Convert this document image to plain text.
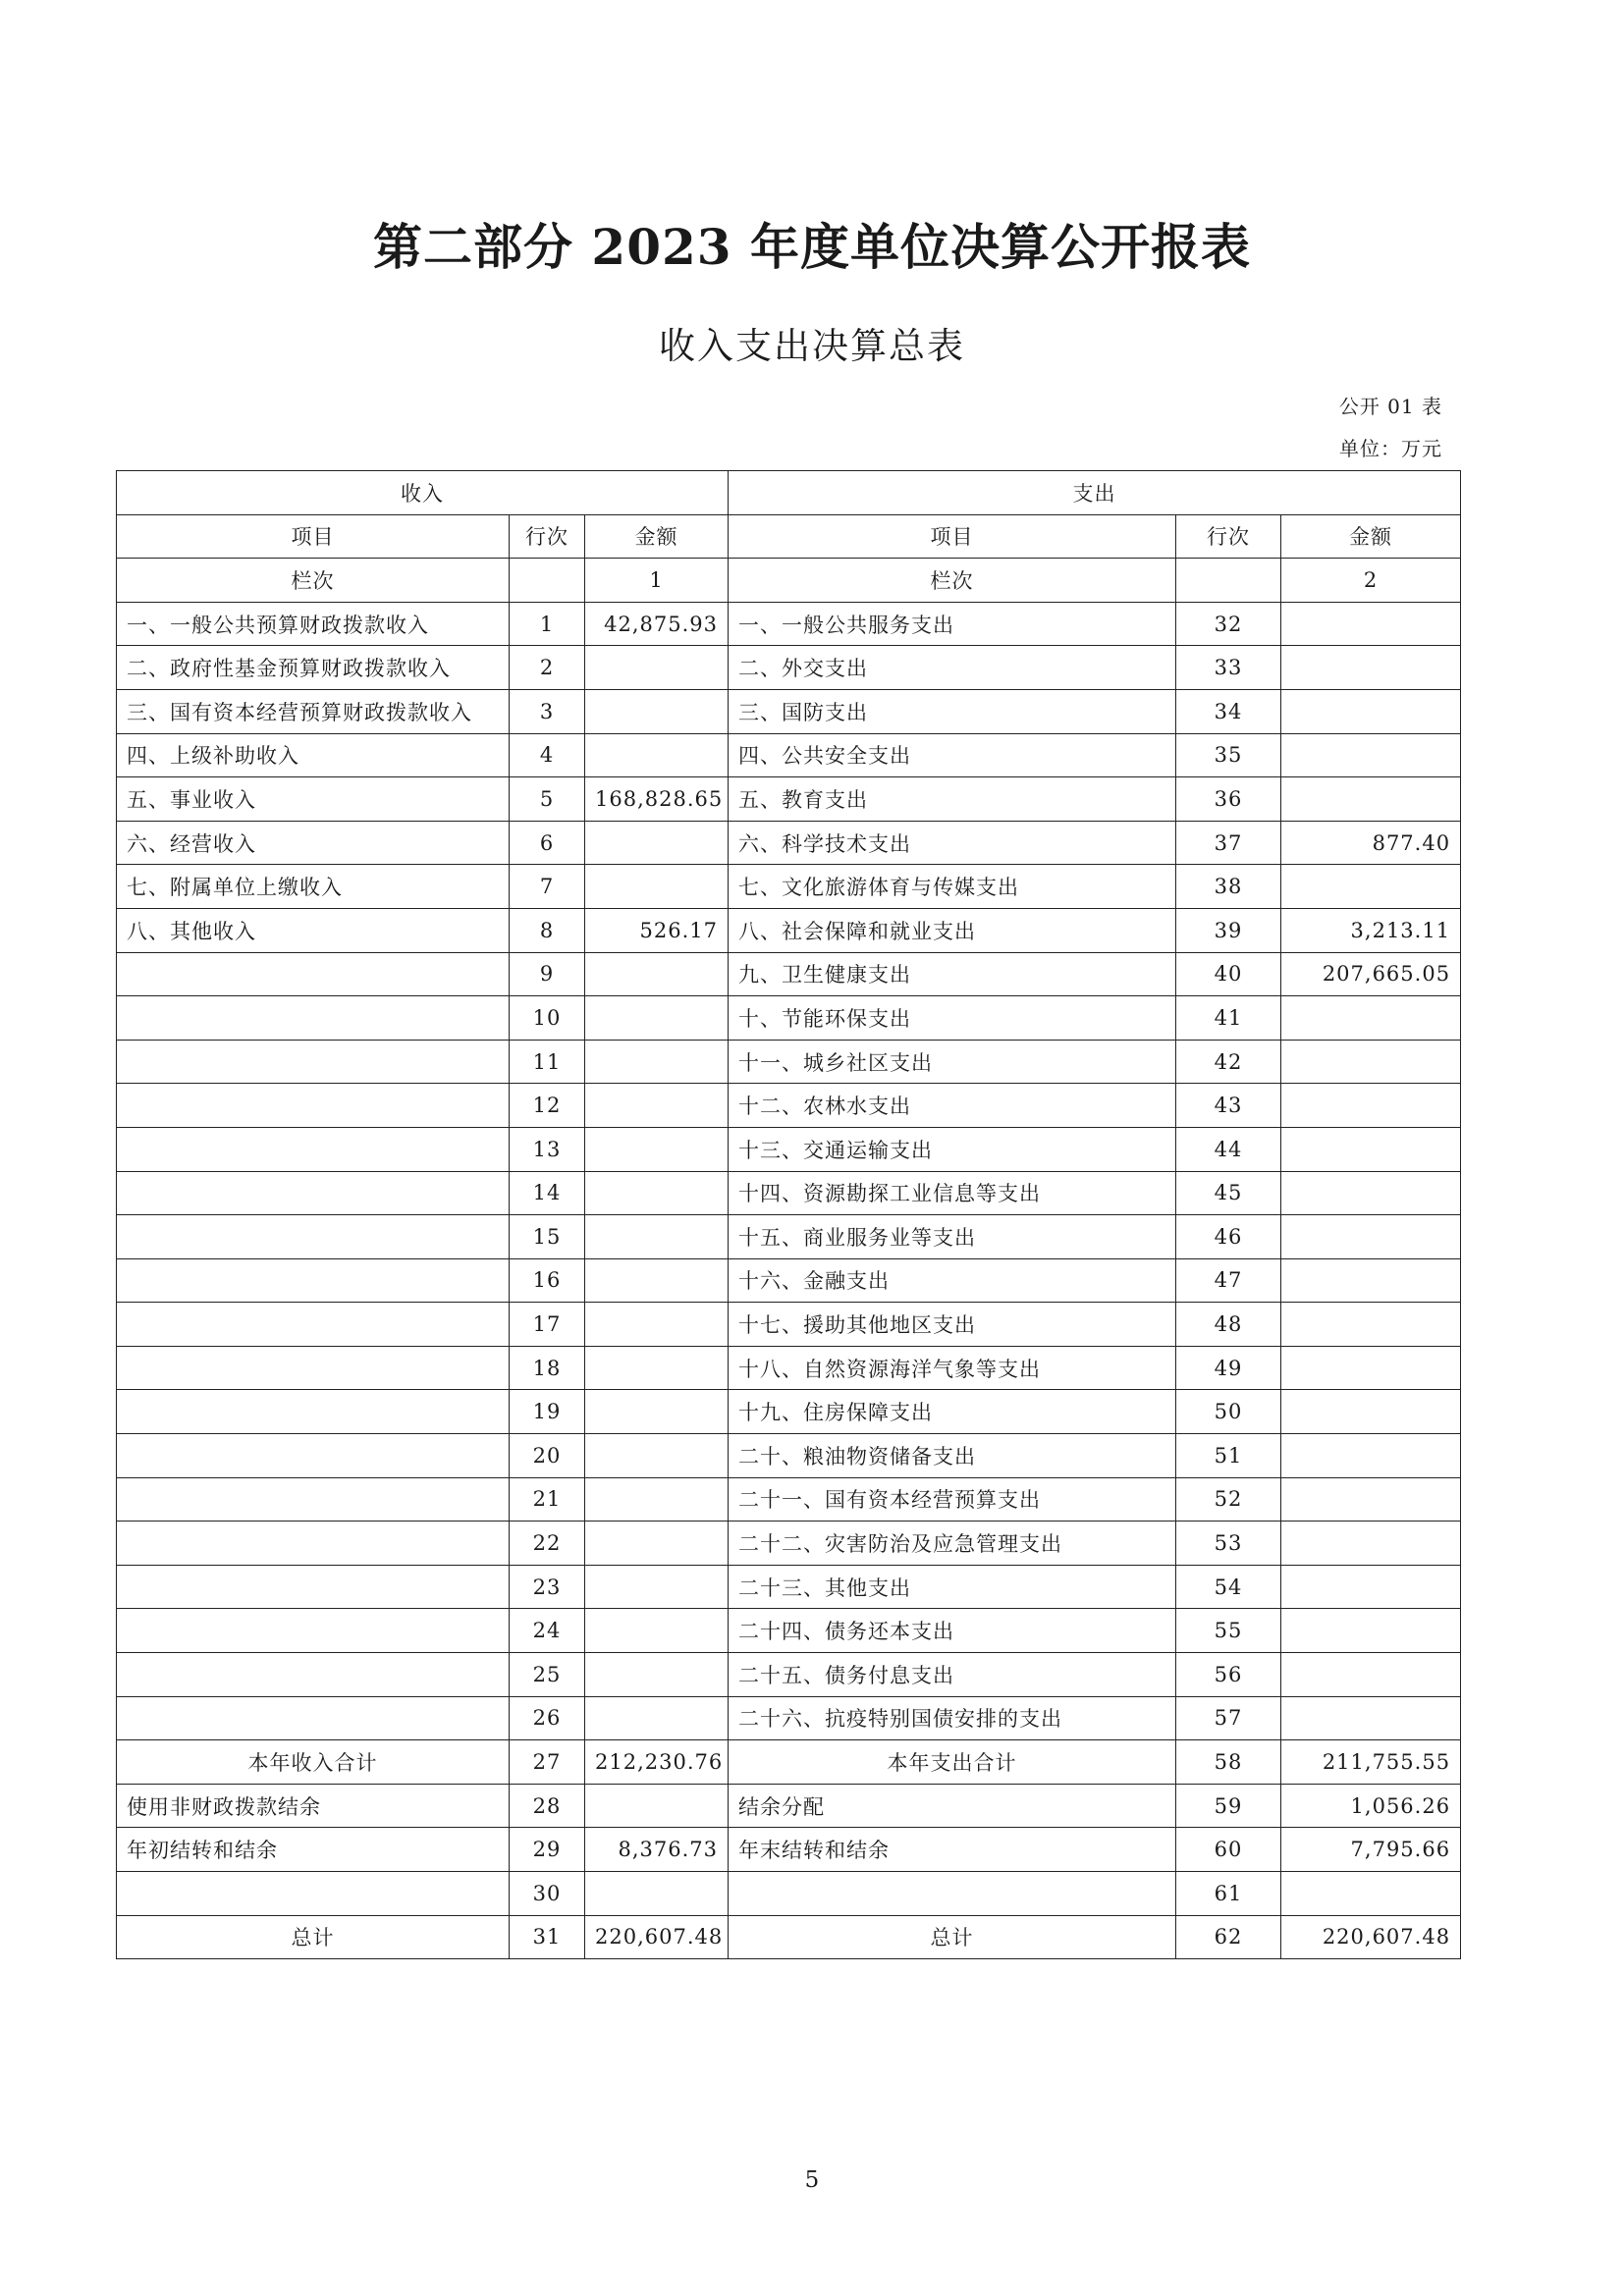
第二部分 2023 年度单位决算公开报表
收入支出决算总表
公开 01 表
单位：万元
收入			支出		
项目	行次	金额	项目	行次	金额
栏次		1	栏次		2
一、一般公共预算财政拨款收入	1	42,875.93	一、一般公共服务支出	32	
二、政府性基金预算财政拨款收入	2		二、外交支出	33	
三、国有资本经营预算财政拨款收入	3		三、国防支出	34	
四、上级补助收入	4		四、公共安全支出	35	
五、事业收入	5	168,828.65	五、教育支出	36	
六、经营收入	6		六、科学技术支出	37	877.40
七、附属单位上缴收入	7		七、文化旅游体育与传媒支出	38	
八、其他收入	8	526.17	八、社会保障和就业支出	39	3,213.11
	9		九、卫生健康支出	40	207,665.05
	10		十、节能环保支出	41	
	11		十一、城乡社区支出	42	
	12		十二、农林水支出	43	
	13		十三、交通运输支出	44	
	14		十四、资源勘探工业信息等支出	45	
	15		十五、商业服务业等支出	46	
	16		十六、金融支出	47	
	17		十七、援助其他地区支出	48	
	18		十八、自然资源海洋气象等支出	49	
	19		十九、住房保障支出	50	
	20		二十、粮油物资储备支出	51	
	21		二十一、国有资本经营预算支出	52	
	22		二十二、灾害防治及应急管理支出	53	
	23		二十三、其他支出	54	
	24		二十四、债务还本支出	55	
	25		二十五、债务付息支出	56	
	26		二十六、抗疫特别国债安排的支出	57	
本年收入合计	27	212,230.76	本年支出合计	58	211,755.55
使用非财政拨款结余	28		结余分配	59	1,056.26
年初结转和结余	29	8,376.73	年末结转和结余	60	7,795.66
	30			61	
总计	31	220,607.48	总计	62	220,607.48
5
